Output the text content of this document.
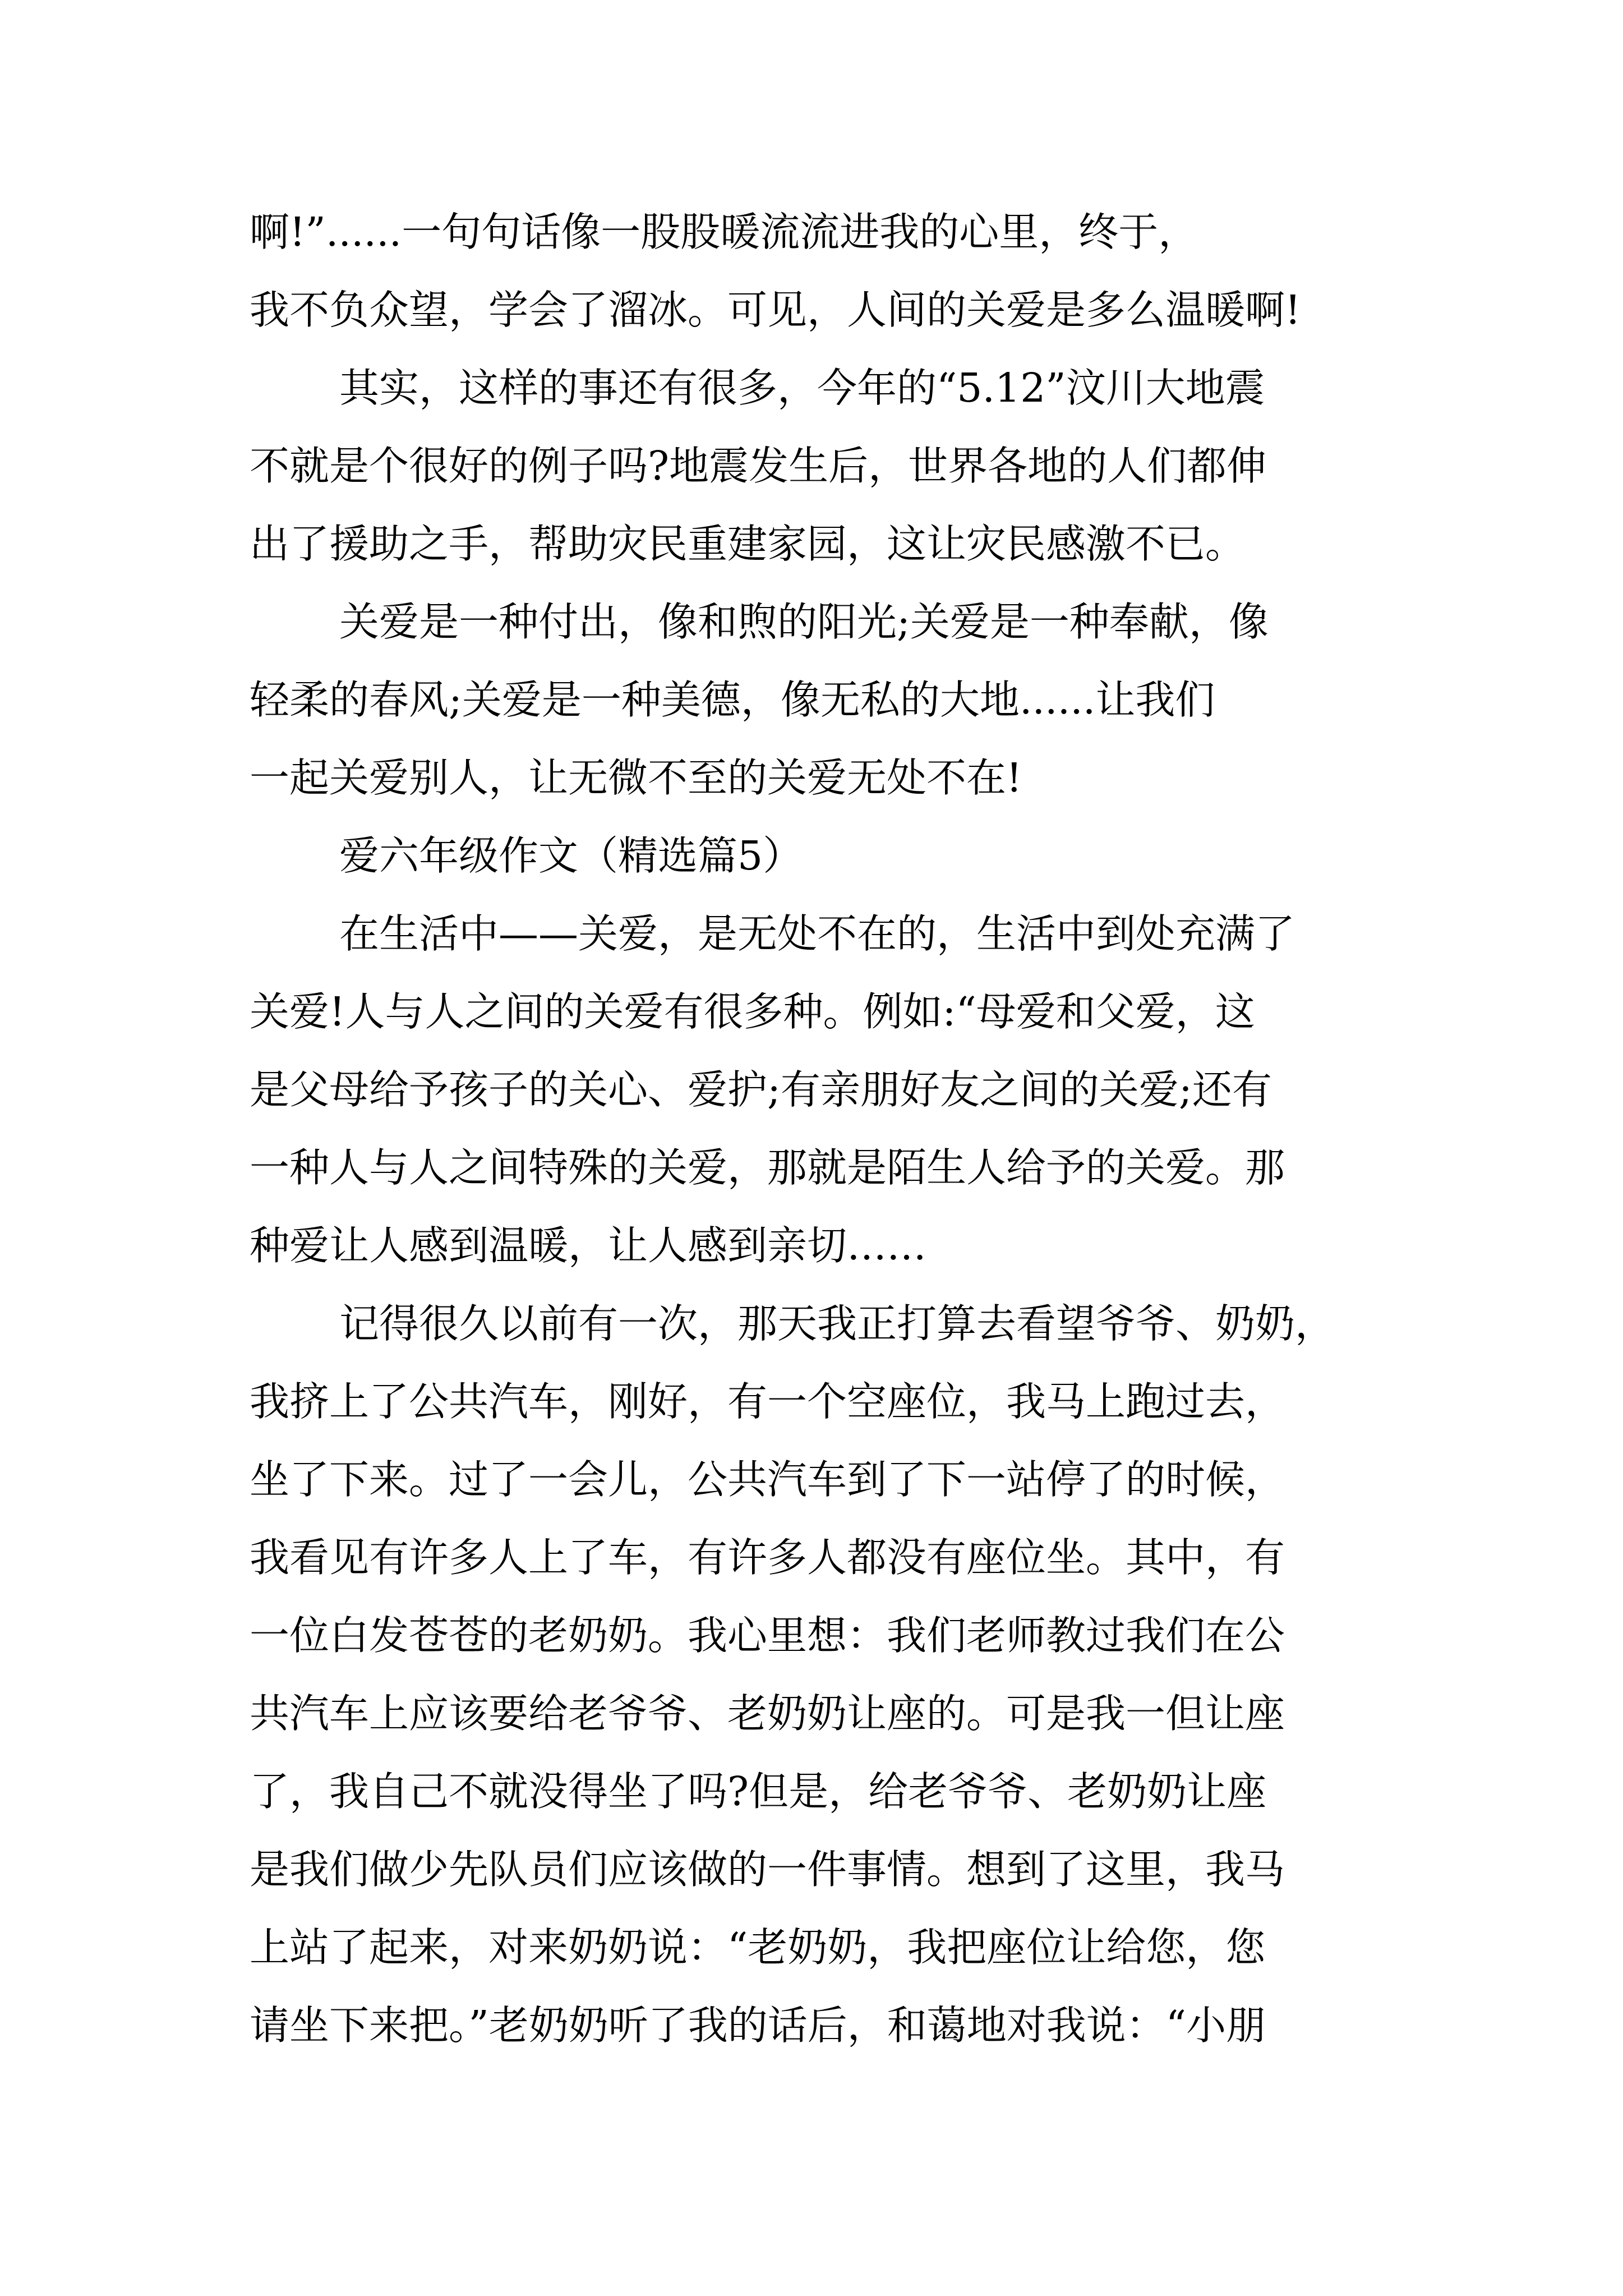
啊!”......一句句话像一股股暖流流进我的心里，终于，

我不负众望，学会了溜冰。可见，人间的关爱是多么温暖啊!

其实，这样的事还有很多，今年的“5.12”汶川大地震

不就是个很好的例子吗?地震发生后，世界各地的人们都伸

出了援助之手，帮助灾民重建家园，这让灾民感激不已。

关爱是一种付出，像和煦的阳光;关爱是一种奉献，像

轻柔的春风;关爱是一种美德，像无私的大地......让我们

一起关爱别人，让无微不至的关爱无处不在!

爱六年级作文（精选篇5）

在生活中——关爱，是无处不在的，生活中到处充满了

关爱!人与人之间的关爱有很多种。例如:“母爱和父爱，这

是父母给予孩子的关心、爱护;有亲朋好友之间的关爱;还有

一种人与人之间特殊的关爱，那就是陌生人给予的关爱。那

种爱让人感到温暖，让人感到亲切……

记得很久以前有一次，那天我正打算去看望爷爷、奶奶，

我挤上了公共汽车，刚好，有一个空座位，我马上跑过去，

坐了下来。过了一会儿，公共汽车到了下一站停了的时候，

我看见有许多人上了车，有许多人都没有座位坐。其中，有

一位白发苍苍的老奶奶。我心里想：我们老师教过我们在公

共汽车上应该要给老爷爷、老奶奶让座的。可是我一但让座

了，我自己不就没得坐了吗?但是，给老爷爷、老奶奶让座

是我们做少先队员们应该做的一件事情。想到了这里，我马

上站了起来，对来奶奶说：“老奶奶，我把座位让给您，您

请坐下来把。”老奶奶听了我的话后，和蔼地对我说：“小朋
